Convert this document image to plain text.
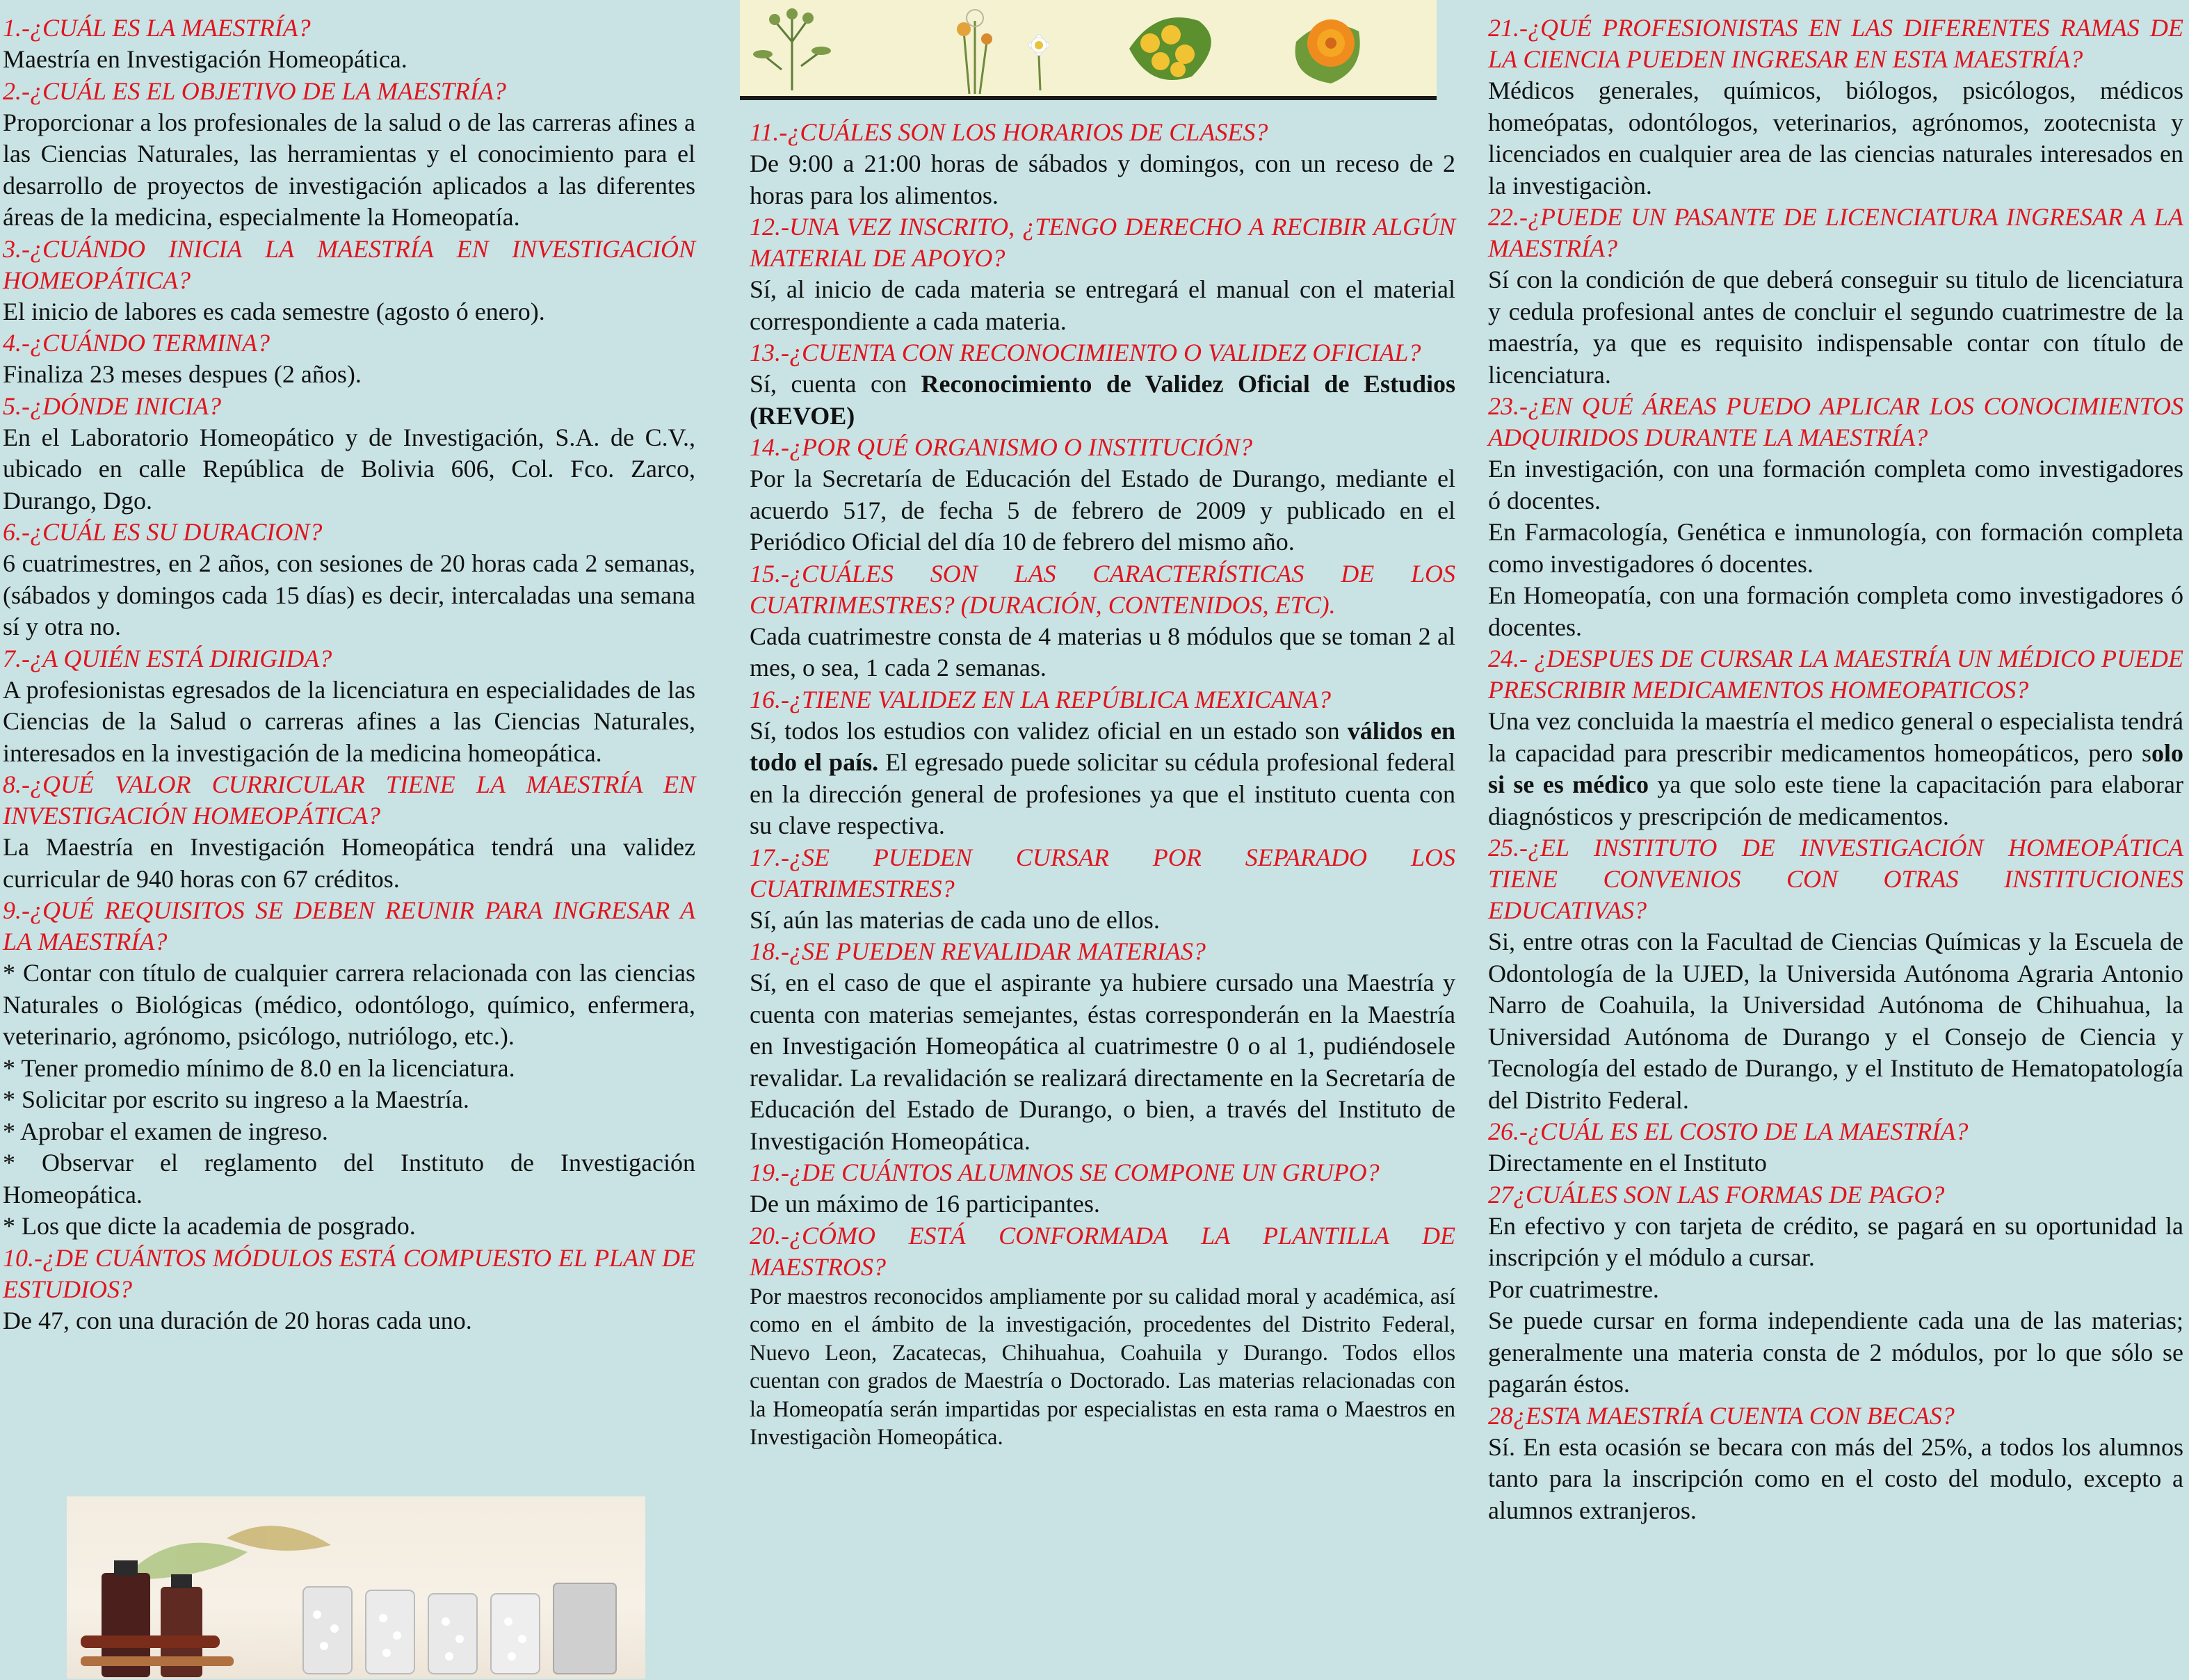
1.-¿CUÁL ES LA MAESTRÍA?
Maestría en Investigación Homeopática.
2.-¿CUÁL ES EL OBJETIVO DE LA MAESTRÍA?
Proporcionar a los profesionales de la salud o de las carreras afines a las Ciencias Naturales, las herramientas y el conocimiento para el desarrollo de proyectos de investigación aplicados a las diferentes áreas de la medicina, especialmente la Homeopatía.
3.-¿CUÁNDO INICIA LA MAESTRÍA EN INVESTIGACIÓN HOMEOPÁTICA?
El inicio de labores es cada semestre (agosto ó enero).
4.-¿CUÁNDO TERMINA?
Finaliza 23 meses despues (2 años).
5.-¿DÓNDE INICIA?
En el Laboratorio Homeopático y de Investigación, S.A. de C.V., ubicado en calle República de Bolivia 606, Col. Fco. Zarco, Durango, Dgo.
6.-¿CUÁL ES SU DURACION?
6 cuatrimestres, en 2 años, con sesiones de 20 horas cada 2 semanas, (sábados y domingos cada 15 días) es decir, intercaladas una semana sí y otra no.
7.-¿A QUIÉN ESTÁ DIRIGIDA?
A profesionistas egresados de la licenciatura en especialidades de las Ciencias de la Salud o carreras afines a las Ciencias Naturales, interesados en la investigación de la medicina homeopática.
8.-¿QUÉ VALOR CURRICULAR TIENE LA MAESTRÍA EN INVESTIGACIÓN HOMEOPÁTICA?
La Maestría en Investigación Homeopática tendrá una validez curricular de 940 horas con 67 créditos.
9.-¿QUÉ REQUISITOS SE DEBEN REUNIR PARA INGRESAR A LA MAESTRÍA?
* Contar con título de cualquier carrera relacionada con las ciencias Naturales o Biológicas (médico, odontólogo, químico, enfermera, veterinario, agrónomo, psicólogo, nutriólogo, etc.).
* Tener promedio mínimo de 8.0 en la licenciatura.
* Solicitar por escrito su ingreso a la Maestría.
* Aprobar el examen de ingreso.
* Observar el reglamento del Instituto de Investigación Homeopática.
* Los que dicte la academia de posgrado.
10.-¿DE CUÁNTOS MÓDULOS ESTÁ COMPUESTO EL PLAN DE ESTUDIOS?
De 47, con una duración de 20 horas cada uno.
11.-¿CUÁLES SON LOS HORARIOS DE CLASES?
De 9:00 a 21:00 horas de sábados y domingos, con un receso de 2 horas para los alimentos.
12.-UNA VEZ INSCRITO, ¿TENGO DERECHO A RECIBIR ALGÚN MATERIAL DE APOYO?
Sí, al inicio de cada materia se entregará el manual con el material correspondiente a cada materia.
13.-¿CUENTA CON RECONOCIMIENTO O VALIDEZ OFICIAL?
Sí, cuenta con Reconocimiento de Validez Oficial de Estudios (REVOE)
14.-¿POR QUÉ ORGANISMO O INSTITUCIÓN?
Por la Secretaría de Educación del Estado de Durango, mediante el acuerdo 517, de fecha 5 de febrero de 2009 y publicado en el Periódico Oficial del día 10 de febrero del mismo año.
15.-¿CUÁLES SON LAS CARACTERÍSTICAS DE LOS CUATRIMESTRES? (DURACIÓN, CONTENIDOS, ETC).
Cada cuatrimestre consta de 4 materias u 8 módulos que se toman 2 al mes, o sea, 1 cada 2 semanas.
16.-¿TIENE VALIDEZ EN LA REPÚBLICA MEXICANA?
Sí, todos los estudios con validez oficial en un estado son válidos en todo el país. El egresado puede solicitar su cédula profesional federal en la dirección general de profesiones ya que el instituto cuenta con su clave respectiva.
17.-¿SE PUEDEN CURSAR POR SEPARADO LOS CUATRIMESTRES?
Sí, aún las materias de cada uno de ellos.
18.-¿SE PUEDEN REVALIDAR MATERIAS?
Sí, en el caso de que el aspirante ya hubiere cursado una Maestría y cuenta con materias semejantes, éstas corresponderán en la Maestría en Investigación Homeopática al cuatrimestre 0 o al 1, pudiéndosele revalidar. La revalidación se realizará directamente en la Secretaría de Educación del Estado de Durango, o bien, a través del Instituto de Investigación Homeopática.
19.-¿DE CUÁNTOS ALUMNOS SE COMPONE UN GRUPO?
De un máximo de 16 participantes.
20.-¿CÓMO ESTÁ CONFORMADA LA PLANTILLA DE MAESTROS?
Por maestros reconocidos ampliamente por su calidad moral y académica, así como en el ámbito de la investigación, procedentes del Distrito Federal, Nuevo Leon, Zacatecas, Chihuahua, Coahuila y Durango. Todos ellos cuentan con grados de Maestría o Doctorado. Las materias relacionadas con la Homeopatía serán impartidas por especialistas en esta rama o Maestros en Investigaciòn Homeopática.
21.-¿QUÉ PROFESIONISTAS EN LAS DIFERENTES RAMAS DE LA CIENCIA PUEDEN INGRESAR EN ESTA MAESTRÍA?
Médicos generales, químicos, biólogos, psicólogos, médicos homeópatas, odontólogos, veterinarios, agrónomos, zootecnista y licenciados en cualquier area de las ciencias naturales interesados en la investigaciòn.
22.-¿PUEDE UN PASANTE DE LICENCIATURA INGRESAR A LA MAESTRÍA?
Sí con la condición de que deberá conseguir su titulo de licenciatura y cedula profesional antes de concluir el segundo cuatrimestre de la maestría, ya que es requisito indispensable contar con título de licenciatura.
23.-¿EN QUÉ ÁREAS PUEDO APLICAR LOS CONOCIMIENTOS ADQUIRIDOS DURANTE LA MAESTRÍA?
En investigación, con una formación completa como investigadores ó docentes.
En Farmacología, Genética e inmunología, con formación completa como investigadores ó docentes.
En Homeopatía, con una formación completa como investigadores ó docentes.
24.- ¿DESPUES DE CURSAR LA MAESTRÍA UN MÉDICO PUEDE PRESCRIBIR MEDICAMENTOS HOMEOPATICOS?
Una vez concluida la maestría el medico general o especialista tendrá la capacidad para prescribir medicamentos homeopáticos, pero solo si se es médico ya que solo este tiene la capacitación para elaborar diagnósticos y prescripción de medicamentos.
25.-¿EL INSTITUTO DE INVESTIGACIÓN HOMEOPÁTICA TIENE CONVENIOS CON OTRAS INSTITUCIONES EDUCATIVAS?
Si, entre otras con la Facultad de Ciencias Químicas y la Escuela de Odontología de la UJED, la Universida Autónoma Agraria Antonio Narro de Coahuila, la Universidad Autónoma de Chihuahua, la Universidad Autónoma de Durango y el Consejo de Ciencia y Tecnología del estado de Durango, y el Instituto de Hematopatología del Distrito Federal.
26.-¿CUÁL ES EL COSTO DE LA MAESTRÍA?
Directamente en el Instituto
27¿CUÁLES SON LAS FORMAS DE PAGO?
En efectivo y con tarjeta de crédito, se pagará en su oportunidad la inscripción y el módulo a cursar.
Por cuatrimestre.
Se puede cursar en forma independiente cada una de las materias; generalmente una materia consta de 2 módulos, por lo que sólo se pagarán éstos.
28¿ESTA MAESTRÍA CUENTA CON BECAS?
Sí. En esta ocasión se becara con más del 25%, a todos los alumnos tanto para la inscripción como en el costo del modulo, excepto a alumnos extranjeros.
